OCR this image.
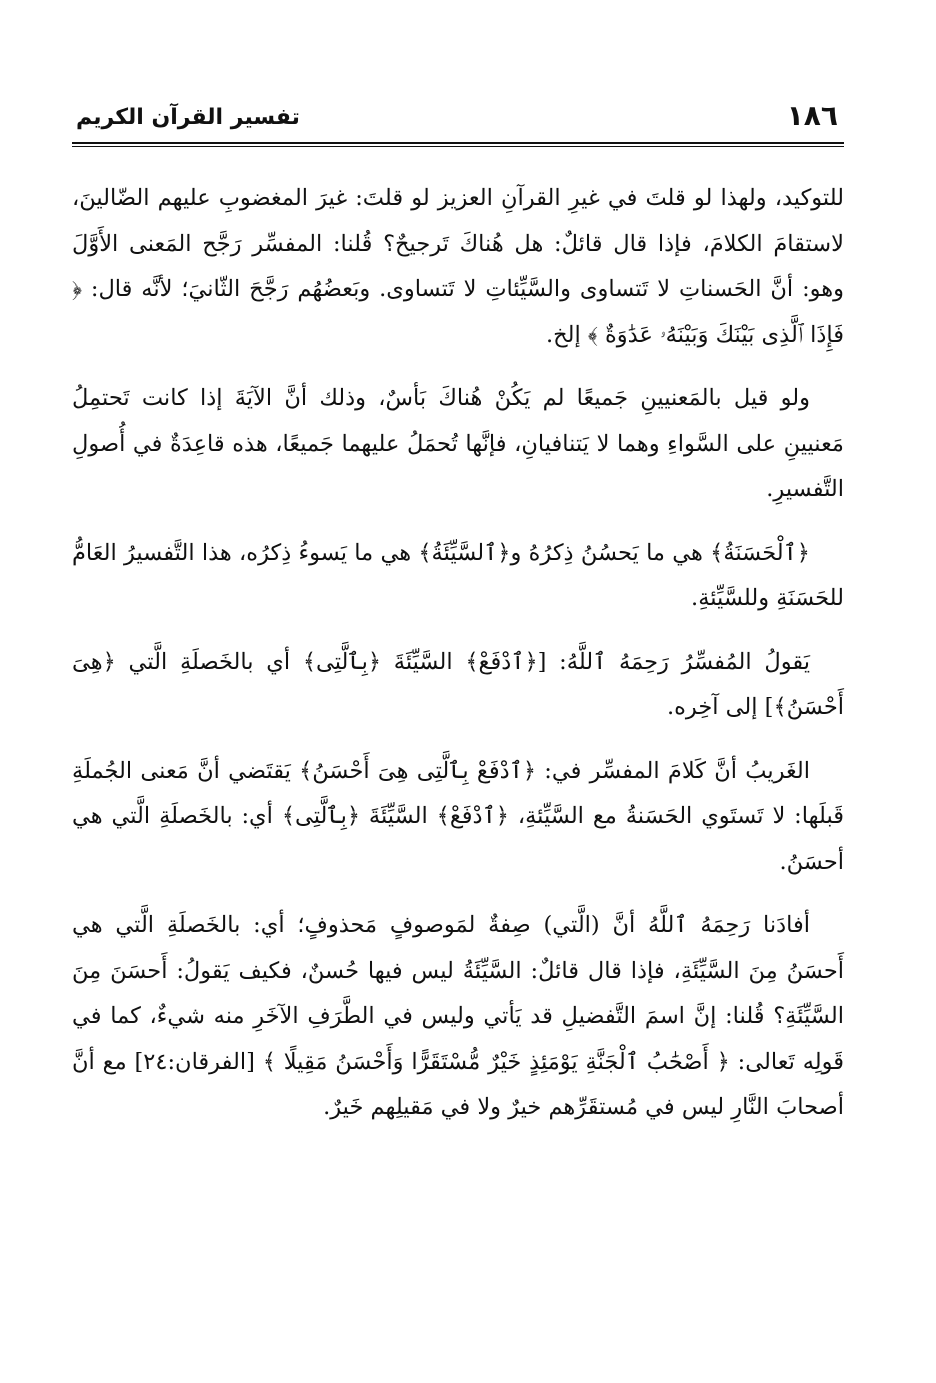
١٨٦
تفسير القرآن الكريم

للتوكيد، ولهذا لو قلتَ في غيرِ القرآنِ العزيز لو قلتَ: غيرَ المغضوبِ عليهم الضّالينَ، لاستقامَ الكلامَ، فإذا قال قائلٌ: هل هُناكَ تَرجيحٌ؟ قُلنا: المفسِّر رَجَّح المَعنى الأَوَّلَ وهو: أنَّ الحَسناتِ لا تَتساوى والسَّيِّئاتِ لا تَتساوى. وبَعضُهُم رَجَّحَ الثّانيَ؛ لأنَّه قال: ﴿ فَإِذَا ٱلَّذِى بَيْنَكَ وَبَيْنَهُۥ عَدَٰوَةٌ ﴾ إلخ.

ولو قيل بالمَعنيينِ جَميعًا لم يَكُنْ هُناكَ بَأسٌ، وذلك أنَّ الآيَةَ إذا كانت تَحتمِلُ مَعنيينِ على السَّواءِ وهما لا يَتنافيانِ، فإنَّها تُحمَلُ عليهما جَميعًا، هذه قاعِدَةٌ في أُصولِ التَّفسيرِ.

﴿ٱلْحَسَنَةُ﴾ هي ما يَحسُنُ ذِكرُهُ و﴿ٱلسَّيِّئَةُ﴾ هي ما يَسوءُ ذِكرُه، هذا التَّفسيرُ العَامُّ للحَسَنَةِ وللسَّيِّئةِ.

يَقولُ المُفسِّرُ رَحِمَهُ ٱللَّهُ: [﴿ٱدْفَعْ﴾ السَّيِّئَةَ ﴿بِٱلَّتِى﴾ أي بالخَصلَةِ الَّتي ﴿هِىَ أَحْسَنُ﴾] إلى آخِره.

الغَريبُ أنَّ كَلامَ المفسِّر في: ﴿ٱدْفَعْ بِٱلَّتِى هِىَ أَحْسَنُ﴾ يَقتَضي أنَّ مَعنى الجُملَةِ قَبلَها: لا تَستَوي الحَسَنةُ مع السَّيِّئةِ، ﴿ٱدْفَعْ﴾ السَّيِّئَةَ ﴿بِٱلَّتِى﴾ أي: بالخَصلَةِ الَّتي هي أحسَنُ.

أفادَنا رَحِمَهُ ٱللَّهُ أنَّ (الَّتي) صِفةٌ لمَوصوفٍ مَحذوفٍ؛ أي: بالخَصلَةِ الَّتي هي أَحسَنُ مِنَ السَّيِّئَةِ، فإذا قال قائلٌ: السَّيِّئَةُ ليس فيها حُسنٌ، فكيف يَقولُ: أَحسَنَ مِنَ السَّيِّئَةِ؟ قُلنا: إنَّ اسمَ التَّفضيلِ قد يَأتي وليس في الطَّرَفِ الآخَرِ منه شيءٌ، كما في قَولِه تَعالى: ﴿ أَصْحَٰبُ ٱلْجَنَّةِ يَوْمَئِذٍ خَيْرٌ مُّسْتَقَرًّا وَأَحْسَنُ مَقِيلًا ﴾ [الفرقان:٢٤] مع أنَّ أصحابَ النَّارِ ليس في مُستقَرِّهم خيرٌ ولا في مَقيلِهم خَيرٌ.
